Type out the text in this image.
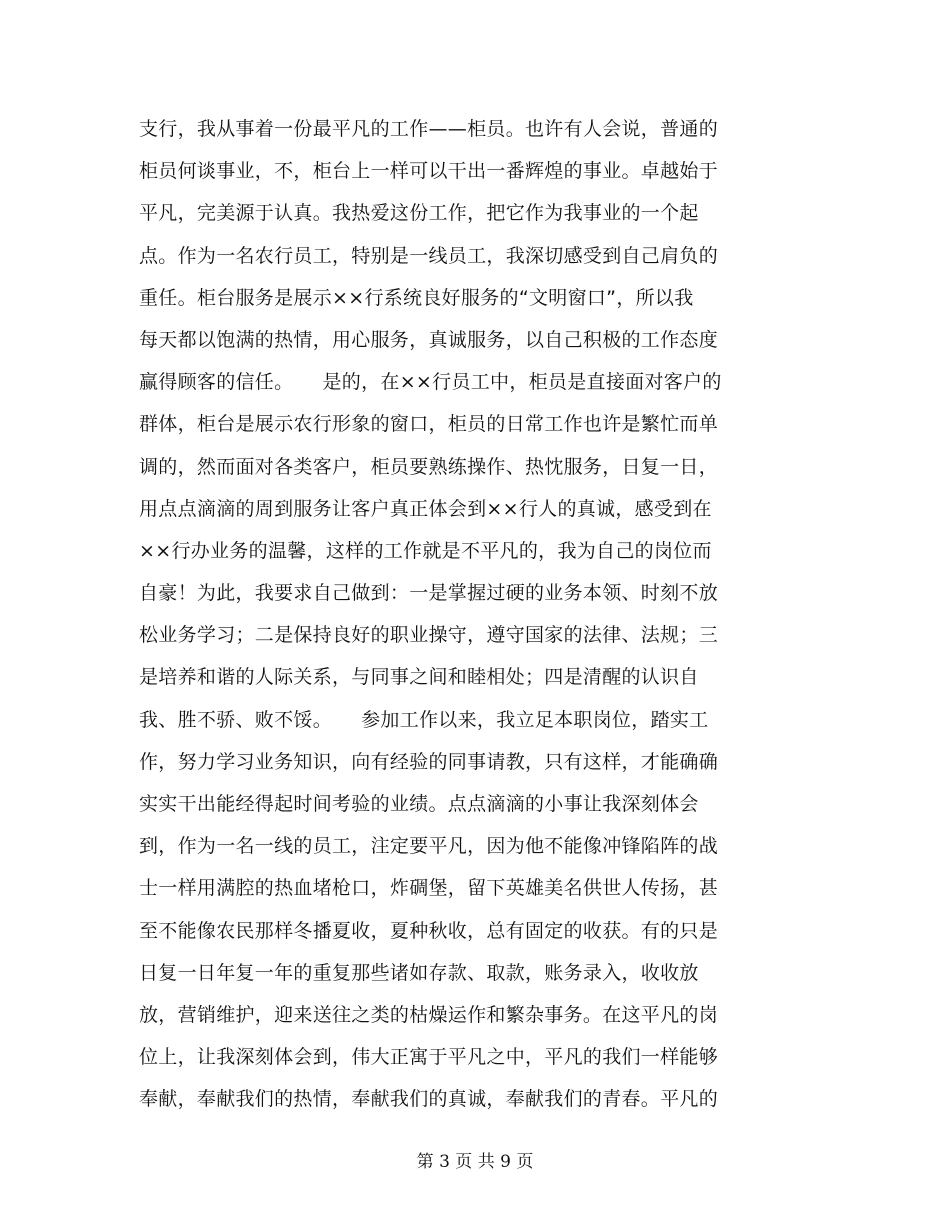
支行，我从事着一份最平凡的工作——柜员。也许有人会说，普通的
柜员何谈事业，不，柜台上一样可以干出一番辉煌的事业。卓越始于
平凡，完美源于认真。我热爱这份工作，把它作为我事业的一个起
点。作为一名农行员工，特别是一线员工，我深切感受到自己肩负的
重任。柜台服务是展示××行系统良好服务的“文明窗口”，所以我
每天都以饱满的热情，用心服务，真诚服务，以自己积极的工作态度
赢得顾客的信任。　　是的，在××行员工中，柜员是直接面对客户的
群体，柜台是展示农行形象的窗口，柜员的日常工作也许是繁忙而单
调的，然而面对各类客户，柜员要熟练操作、热忱服务，日复一日，
用点点滴滴的周到服务让客户真正体会到××行人的真诚，感受到在
××行办业务的温馨，这样的工作就是不平凡的，我为自己的岗位而
自豪！为此，我要求自己做到：一是掌握过硬的业务本领、时刻不放
松业务学习；二是保持良好的职业操守，遵守国家的法律、法规；三
是培养和谐的人际关系，与同事之间和睦相处；四是清醒的认识自
我、胜不骄、败不馁。　　参加工作以来，我立足本职岗位，踏实工
作，努力学习业务知识，向有经验的同事请教，只有这样，才能确确
实实干出能经得起时间考验的业绩。点点滴滴的小事让我深刻体会
到，作为一名一线的员工，注定要平凡，因为他不能像冲锋陷阵的战
士一样用满腔的热血堵枪口，炸碉堡，留下英雄美名供世人传扬，甚
至不能像农民那样冬播夏收，夏种秋收，总有固定的收获。有的只是
日复一日年复一年的重复那些诸如存款、取款，账务录入，收收放
放，营销维护，迎来送往之类的枯燥运作和繁杂事务。在这平凡的岗
位上，让我深刻体会到，伟大正寓于平凡之中，平凡的我们一样能够
奉献，奉献我们的热情，奉献我们的真诚，奉献我们的青春。平凡的
第 3 页 共 9 页
